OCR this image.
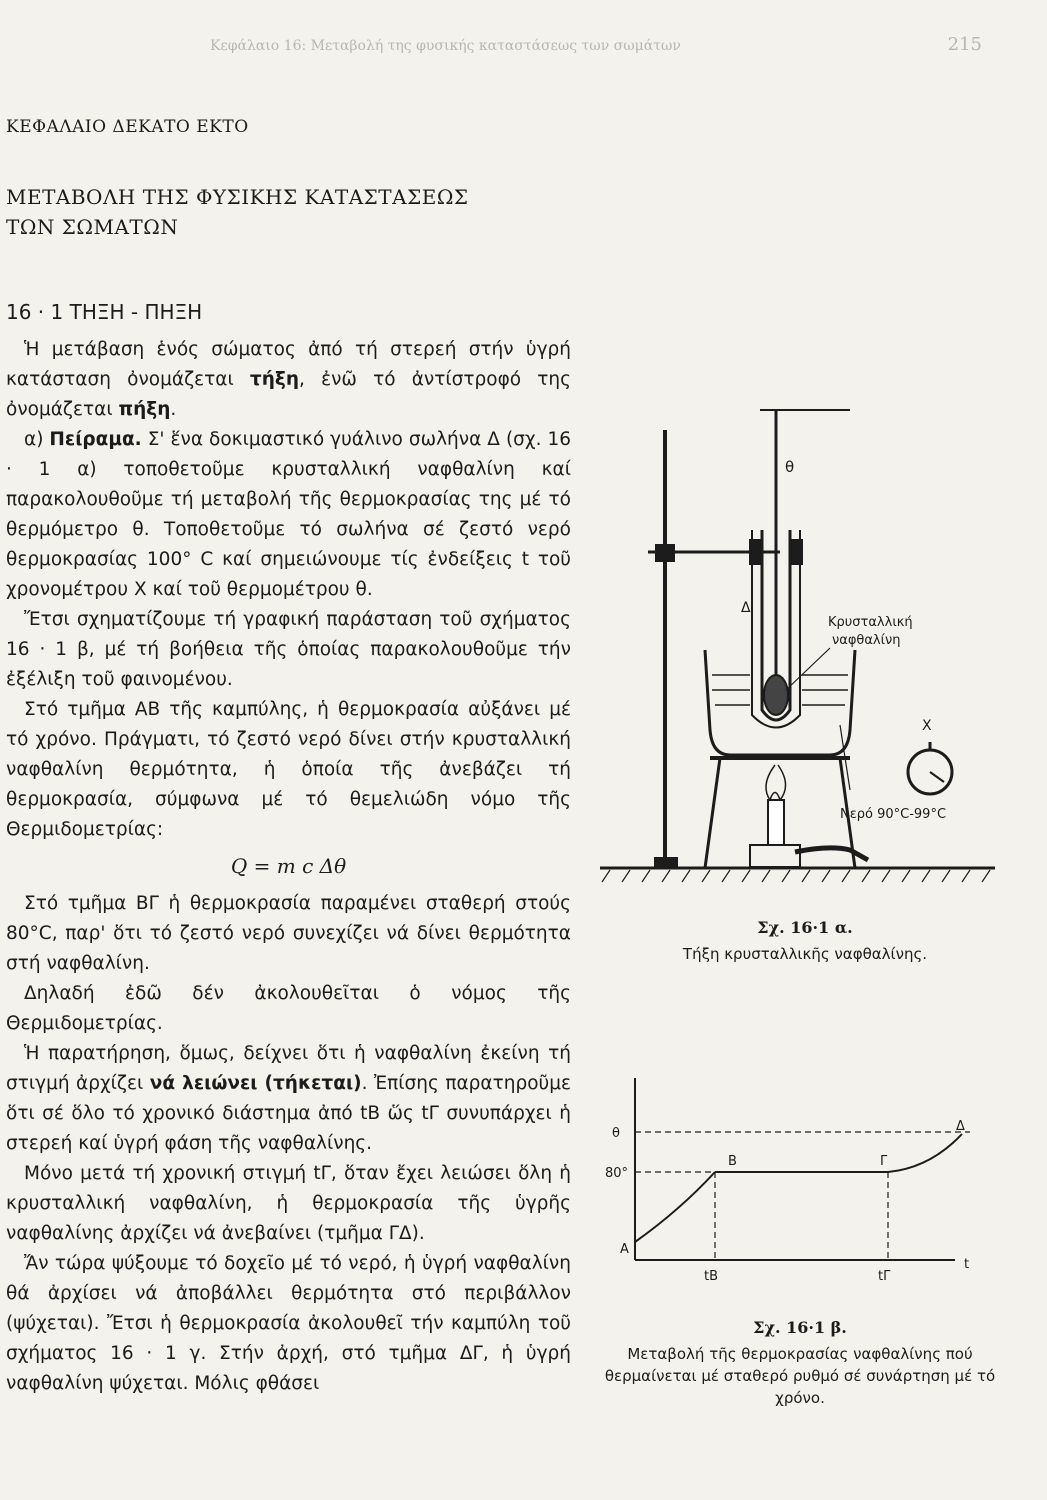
Κεφάλαιο 16: Μεταβολή της φυσικής καταστάσεως των σωμάτων	215
ΚΕΦΑΛΑΙΟ ΔΕΚΑΤΟ ΕΚΤΟ
ΜΕΤΑΒΟΛΗ ΤΗΣ ΦΥΣΙΚΗΣ ΚΑΤΑΣΤΑΣΕΩΣ
ΤΩΝ ΣΩΜΑΤΩΝ
16 · 1 ΤΗΞΗ - ΠΗΞΗ

Ἡ μετάβαση ἑνός σώματος ἀπό τή στερεή στήν ὑγρή κατάσταση ὀνομάζεται τήξη, ἐνῶ τό ἀντίστροφό της ὀνομάζεται πήξη.

α) Πείραμα. Σ' ἕνα δοκιμαστικό γυάλινο σωλήνα Δ (σχ. 16 · 1 α) τοποθετοῦμε κρυσταλλική ναφθαλίνη καί παρακολουθοῦμε τή μεταβολή τῆς θερμοκρασίας της μέ τό θερμόμετρο θ. Τοποθετοῦμε τό σωλήνα σέ ζεστό νερό θερμοκρασίας 100° C καί σημειώνουμε τίς ἐνδείξεις t τοῦ χρονομέτρου Χ καί τοῦ θερμομέτρου θ.

Ἔτσι σχηματίζουμε τή γραφική παράσταση τοῦ σχήματος 16 · 1 β, μέ τή βοήθεια τῆς ὁποίας παρακολουθοῦμε τήν ἐξέλιξη τοῦ φαινομένου.

Στό τμῆμα ΑΒ τῆς καμπύλης, ἡ θερμοκρασία αὐξάνει μέ τό χρόνο. Πράγματι, τό ζεστό νερό δίνει στήν κρυσταλλική ναφθαλίνη θερμότητα, ἡ ὁποία τῆς ἀνεβάζει τή θερμοκρασία, σύμφωνα μέ τό θεμελιώδη νόμο τῆς Θερμιδομετρίας:

Q = m c Δθ

Στό τμῆμα ΒΓ ἡ θερμοκρασία παραμένει σταθερή στούς 80°C, παρ' ὅτι τό ζεστό νερό συνεχίζει νά δίνει θερμότητα στή ναφθαλίνη.

Δηλαδή ἐδῶ δέν ἀκολουθεῖται ὁ νόμος τῆς Θερμιδομετρίας.

Ἡ παρατήρηση, ὅμως, δείχνει ὅτι ἡ ναφθαλίνη ἐκείνη τή στιγμή ἀρχίζει νά λειώνει (τήκεται). Ἐπίσης παρατηροῦμε ὅτι σέ ὅλο τό χρονικό διάστημα ἀπό tΒ ὥς tΓ συνυπάρχει ἡ στερεή καί ὑγρή φάση τῆς ναφθαλίνης.

Μόνο μετά τή χρονική στιγμή tΓ, ὅταν ἔχει λειώσει ὅλη ἡ κρυσταλλική ναφθαλίνη, ἡ θερμοκρασία τῆς ὑγρῆς ναφθαλίνης ἀρχίζει νά ἀνεβαίνει (τμῆμα ΓΔ).

Ἄν τώρα ψύξουμε τό δοχεῖο μέ τό νερό, ἡ ὑγρή ναφθαλίνη θά ἀρχίσει νά ἀποβάλλει θερμότητα στό περιβάλλον (ψύχεται). Ἔτσι ἡ θερμοκρασία ἀκολουθεῖ τήν καμπύλη τοῦ σχήματος 16 · 1 γ. Στήν ἀρχή, στό τμῆμα ΔΓ, ἡ ὑγρή ναφθαλίνη ψύχεται. Μόλις φθάσει

θ
Δ
Κρυσταλλική
ναφθαλίνη
Χ
Νερό 90°C-99°C
Σχ. 16·1 α.
Τήξη κρυσταλλικῆς ναφθαλίνης.
θ
80°
Α
Β	Γ
Δ
tΒ	tΓ
t
Σχ. 16·1 β.
Μεταβολή τῆς θερμοκρασίας ναφθαλίνης πού θερμαίνεται μέ σταθερό ρυθμό σέ συνάρτηση μέ τό χρόνο.
